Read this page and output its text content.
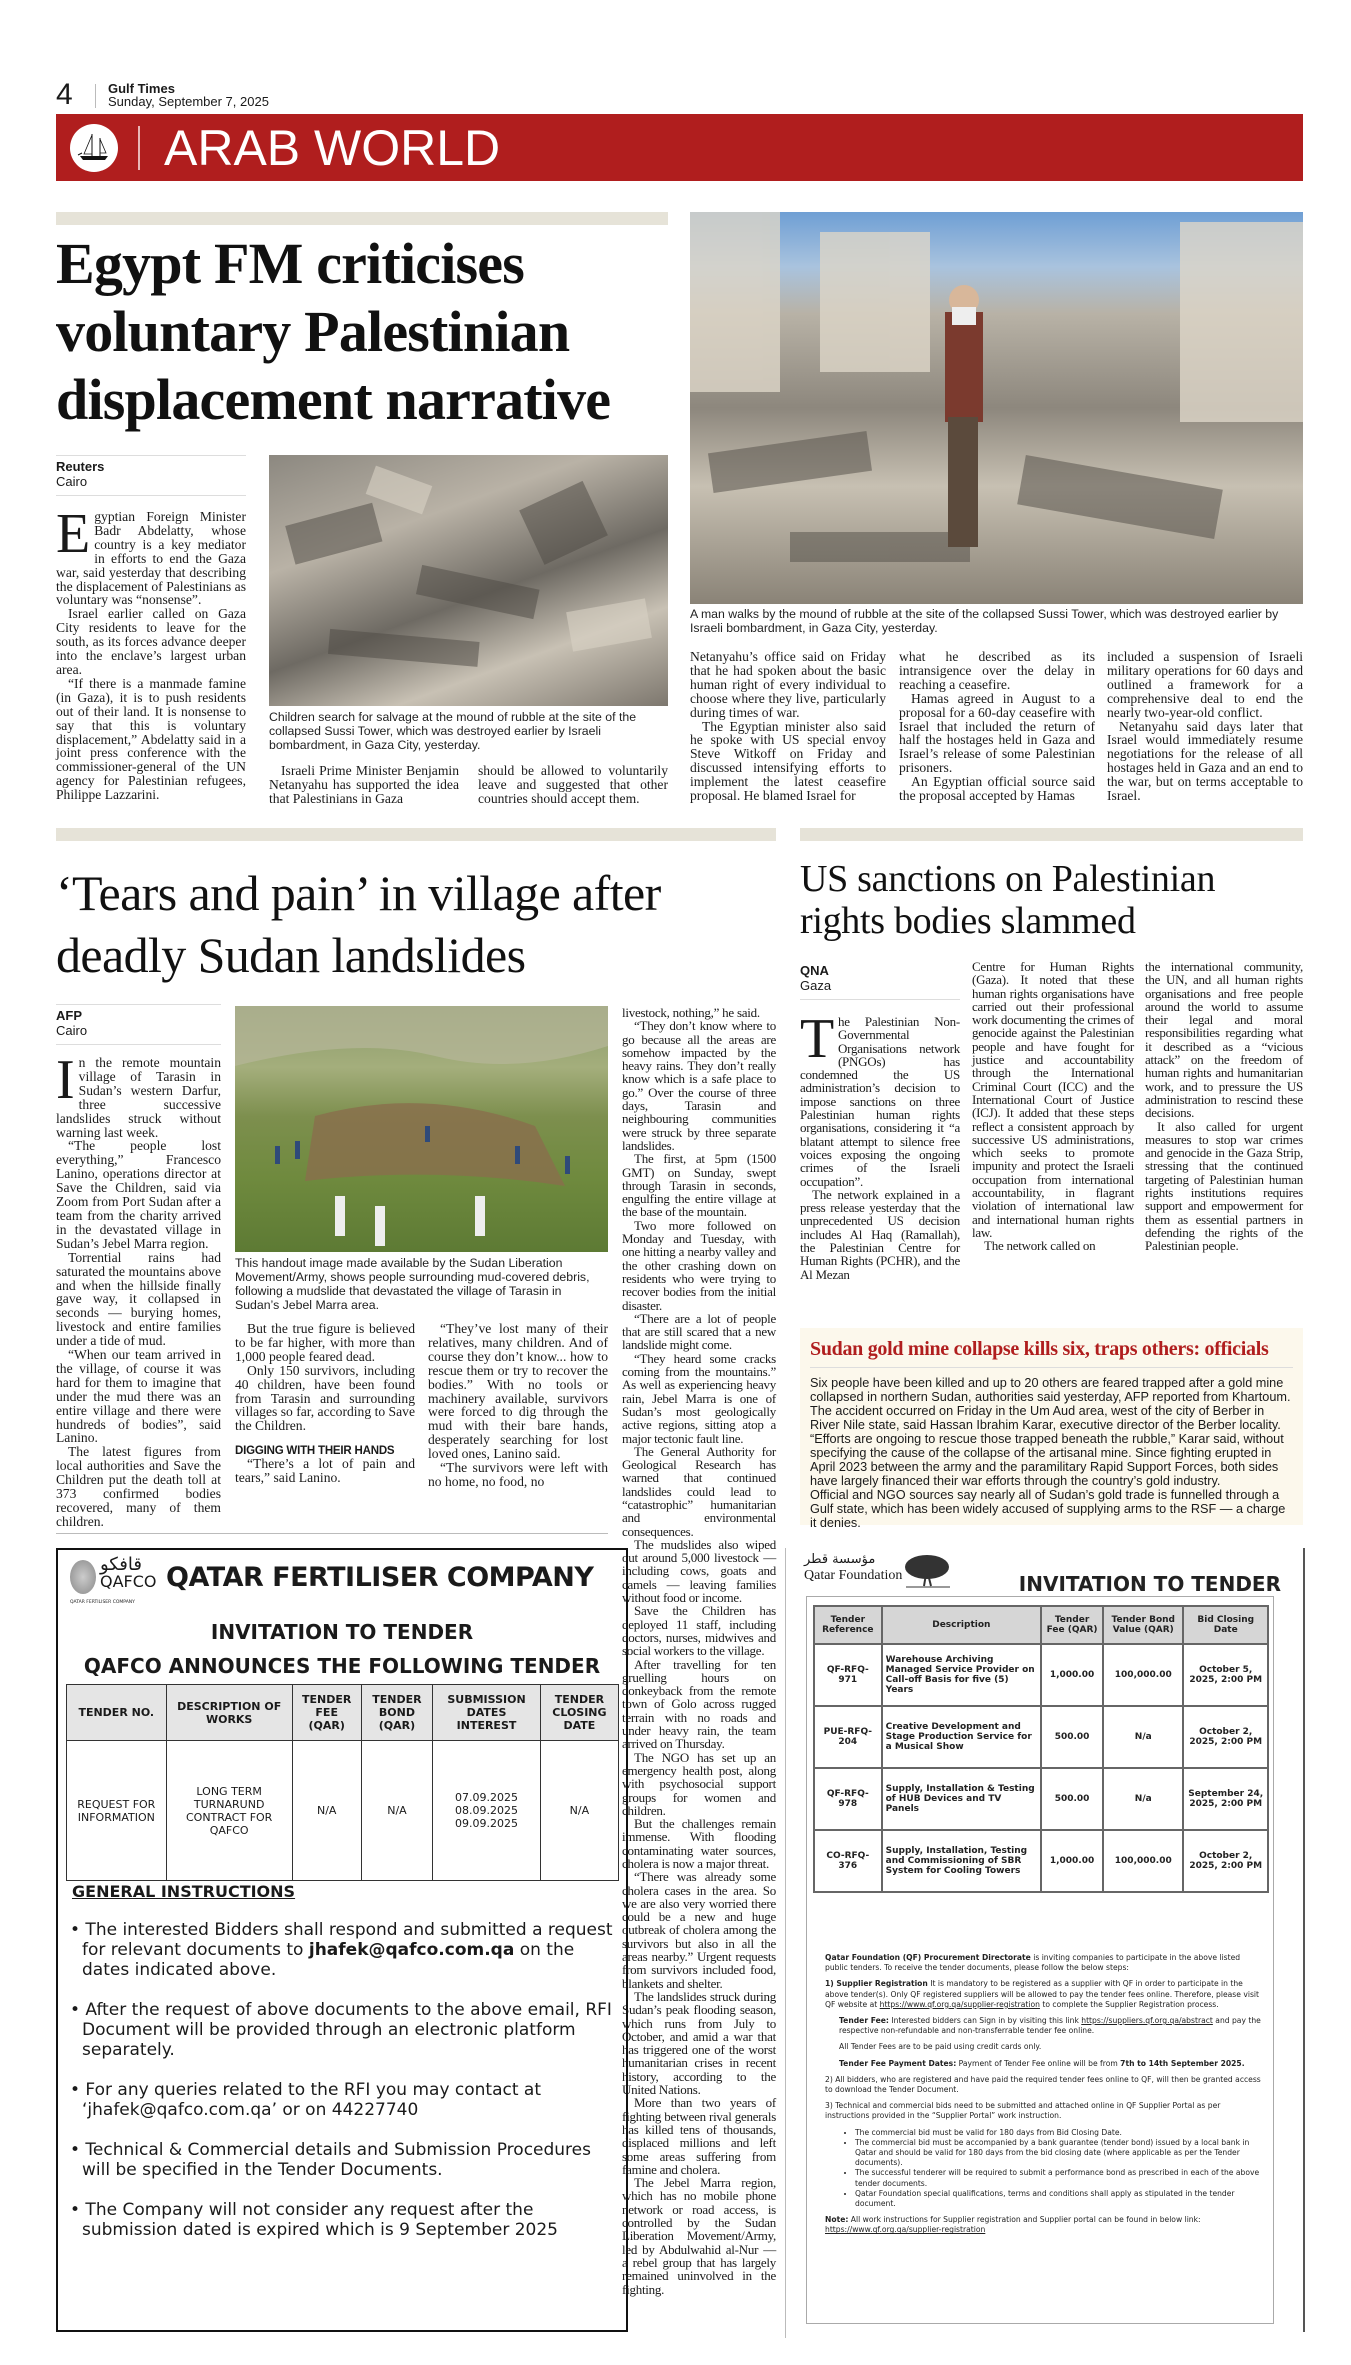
4	Gulf Times
Sunday, September 7, 2025
ARAB WORLD
Egypt FM criticises voluntary Palestinian displacement narrative
Reuters
Cairo

Egyptian Foreign Minister Badr Abdelatty, whose country is a key mediator in efforts to end the Gaza war, said yesterday that describing the displacement of Palestinians as voluntary was “nonsense”.

Israel earlier called on Gaza City residents to leave for the south, as its forces advance deeper into the enclave’s largest urban area.

“If there is a manmade famine (in Gaza), it is to push residents out of their land. It is nonsense to say that this is voluntary displacement,” Abdelatty said in a joint press conference with the commissioner-general of the UN agency for Palestinian refugees, Philippe Lazzarini.

Children search for salvage at the mound of rubble at the site of the collapsed Sussi Tower, which was destroyed earlier by Israeli bombardment, in Gaza City, yesterday.

Israeli Prime Minister Benjamin Netanyahu has supported the idea that Palestinians in Gaza

should be allowed to voluntarily leave and suggested that other countries should accept them.

A man walks by the mound of rubble at the site of the collapsed Sussi Tower, which was destroyed earlier by Israeli bombardment, in Gaza City, yesterday.

Netanyahu’s office said on Friday that he had spoken about the basic human right of every individual to choose where they live, particularly during times of war.

The Egyptian minister also said he spoke with US special envoy Steve Witkoff on Friday and discussed intensifying efforts to implement the latest ceasefire proposal. He blamed Israel for

what he described as its intransigence over the delay in reaching a ceasefire.

Hamas agreed in August to a proposal for a 60-day ceasefire with Israel that included the return of half the hostages held in Gaza and Israel’s release of some Palestinian prisoners.

An Egyptian official source said the proposal accepted by Hamas

included a suspension of Israeli military operations for 60 days and outlined a framework for a comprehensive deal to end the nearly two-year-old conflict.

Netanyahu said days later that Israel would immediately resume negotiations for the release of all hostages held in Gaza and an end to the war, but on terms acceptable to Israel.

‘Tears and pain’ in village after deadly Sudan landslides
AFP
Cairo

In the remote mountain village of Tarasin in Sudan’s western Darfur, three successive landslides struck without warning last week.

“The people lost everything,” Francesco Lanino, operations director at Save the Children, said via Zoom from Port Sudan after a team from the charity arrived in the devastated village in Sudan’s Jebel Marra region.

Torrential rains had saturated the mountains above and when the hillside finally gave way, it collapsed in seconds — burying homes, livestock and entire families under a tide of mud.

“When our team arrived in the village, of course it was hard for them to imagine that under the mud there was an entire village and there were hundreds of bodies”, said Lanino.

The latest figures from local authorities and Save the Children put the death toll at 373 confirmed bodies recovered, many of them children.

This handout image made available by the Sudan Liberation Movement/Army, shows people surrounding mud-covered debris, following a mudslide that devastated the village of Tarasin in Sudan’s Jebel Marra area.

But the true figure is believed to be far higher, with more than 1,000 people feared dead.

Only 150 survivors, including 40 children, have been found from Tarasin and surrounding villages so far, according to Save the Children.

DIGGING WITH THEIR HANDS

“There’s a lot of pain and tears,” said Lanino.

“They’ve lost many of their relatives, many children. And of course they don’t know... how to rescue them or try to recover the bodies.” With no tools or machinery available, survivors were forced to dig through the mud with their bare hands, desperately searching for lost loved ones, Lanino said.

“The survivors were left with no home, no food, no

livestock, nothing,” he said.

“They don’t know where to go because all the areas are somehow impacted by the heavy rains. They don’t really know which is a safe place to go.” Over the course of three days, Tarasin and neighbouring communities were struck by three separate landslides.

The first, at 5pm (1500 GMT) on Sunday, swept through Tarasin in seconds, engulfing the entire village at the base of the mountain.

Two more followed on Monday and Tuesday, with one hitting a nearby valley and the other crashing down on residents who were trying to recover bodies from the initial disaster.

“There are a lot of people that are still scared that a new landslide might come.

“They heard some cracks coming from the mountains.” As well as experiencing heavy rain, Jebel Marra is one of Sudan’s most geologically active regions, sitting atop a major tectonic fault line.

The General Authority for Geological Research has warned that continued landslides could lead to “catastrophic” humanitarian and environmental consequences.

The mudslides also wiped out around 5,000 livestock — including cows, goats and camels — leaving families without food or income.

Save the Children has deployed 11 staff, including doctors, nurses, midwives and social workers to the village.

After travelling for ten gruelling hours on donkeyback from the remote town of Golo across rugged terrain with no roads and under heavy rain, the team arrived on Thursday.

The NGO has set up an emergency health post, along with psychosocial support groups for women and children.

But the challenges remain immense. With flooding contaminating water sources, cholera is now a major threat.

“There was already some cholera cases in the area. So we are also very worried there could be a new and huge outbreak of cholera among the survivors but also in all the areas nearby.” Urgent requests from survivors included food, blankets and shelter.

The landslides struck during Sudan’s peak flooding season, which runs from July to October, and amid a war that has triggered one of the worst humanitarian crises in recent history, according to the United Nations.

More than two years of fighting between rival generals has killed tens of thousands, displaced millions and left some areas suffering from famine and cholera.

The Jebel Marra region, which has no mobile phone network or road access, is controlled by the Sudan Liberation Movement/Army, led by Abdulwahid al-Nur — a rebel group that has largely remained uninvolved in the fighting.

US sanctions on Palestinian rights bodies slammed
QNA
Gaza

The Palestinian Non-Governmental Organisations network (PNGOs) has condemned the US administration’s decision to impose sanctions on three Palestinian human rights organisations, considering it “a blatant attempt to silence free voices exposing the ongoing crimes of the Israeli occupation”.

The network explained in a press release yesterday that the unprecedented US decision includes Al Haq (Ramallah), the Palestinian Centre for Human Rights (PCHR), and the Al Mezan

Centre for Human Rights (Gaza). It noted that these human rights organisations have carried out their professional work documenting the crimes of genocide against the Palestinian people and have fought for justice and accountability through the International Criminal Court (ICC) and the International Court of Justice (ICJ). It added that these steps reflect a consistent approach by successive US administrations, which seeks to promote impunity and protect the Israeli occupation from international accountability, in flagrant violation of international law and international human rights law.

The network called on

the international community, the UN, and all human rights organisations and free people around the world to assume their legal and moral responsibilities regarding what it described as a “vicious attack” on the freedom of human rights and humanitarian work, and to pressure the US administration to rescind these decisions.

It also called for urgent measures to stop war crimes and genocide in the Gaza Strip, stressing that the continued targeting of Palestinian human rights institutions requires support and empowerment for them as essential partners in defending the rights of the Palestinian people.

Sudan gold mine collapse kills six, traps others: officials

Six people have been killed and up to 20 others are feared trapped after a gold mine collapsed in northern Sudan, authorities said yesterday, AFP reported from Khartoum. The accident occurred on Friday in the Um Aud area, west of the city of Berber in River Nile state, said Hassan Ibrahim Karar, executive director of the Berber locality. “Efforts are ongoing to rescue those trapped beneath the rubble,” Karar said, without specifying the cause of the collapse of the artisanal mine. Since fighting erupted in April 2023 between the army and the paramilitary Rapid Support Forces, both sides have largely financed their war efforts through the country’s gold industry.

Official and NGO sources say nearly all of Sudan’s gold trade is funnelled through a Gulf state, which has been widely accused of supplying arms to the RSF — a charge it denies.

قافكو
QAFCO
QATAR FERTILISER COMPANY
QATAR FERTILISER COMPANY
INVITATION TO TENDER
QAFCO ANNOUNCES THE FOLLOWING TENDER
TENDER NO.	DESCRIPTION OF WORKS	TENDER FEE (QAR)	TENDER BOND (QAR)	SUBMISSION DATES INTEREST	TENDER CLOSING DATE
REQUEST FOR INFORMATION	LONG TERM TURNARUND CONTRACT FOR QAFCO	N/A	N/A	07.09.2025 08.09.2025 09.09.2025	N/A
GENERAL INSTRUCTIONS
• The interested Bidders shall respond and submitted a request for relevant documents to jhafek@qafco.com.qa on the dates indicated above.
• After the request of above documents to the above email, RFI Document will be provided through an electronic platform separately.
• For any queries related to the RFI you may contact at ‘jhafek@qafco.com.qa’ or on 44227740
• Technical & Commercial details and Submission Procedures will be specified in the Tender Documents.
• The Company will not consider any request after the submission dated is expired which is 9 September 2025
مؤسسة قطر
Qatar Foundation	INVITATION TO TENDER
Tender Reference	Description	Tender Fee (QAR)	Tender Bond Value (QAR)	Bid Closing Date
QF-RFQ-971	Warehouse Archiving Managed Service Provider on Call-off Basis for five (5) Years	1,000.00	100,000.00	October 5, 2025, 2:00 PM
PUE-RFQ-204	Creative Development and Stage Production Service for a Musical Show	500.00	N/a	October 2, 2025, 2:00 PM
QF-RFQ-978	Supply, Installation & Testing of HUB Devices and TV Panels	500.00	N/a	September 24, 2025, 2:00 PM
CO-RFQ-376	Supply, Installation, Testing and Commissioning of SBR System for Cooling Towers	1,000.00	100,000.00	October 2, 2025, 2:00 PM

Qatar Foundation (QF) Procurement Directorate is inviting companies to participate in the above listed public tenders. To receive the tender documents, please follow the below steps:

1) Supplier Registration It is mandatory to be registered as a supplier with QF in order to participate in the above tender(s). Only QF registered suppliers will be allowed to pay the tender fees online. Therefore, please visit QF website at https://www.qf.org.qa/supplier-registration to complete the Supplier Registration process.

Tender Fee: Interested bidders can Sign in by visiting this link https://suppliers.qf.org.qa/abstract and pay the respective non-refundable and non-transferrable tender fee online.

All Tender Fees are to be paid using credit cards only.

Tender Fee Payment Dates: Payment of Tender Fee online will be from 7th to 14th September 2025.

2) All bidders, who are registered and have paid the required tender fees online to QF, will then be granted access to download the Tender Document.

3) Technical and commercial bids need to be submitted and attached online in QF Supplier Portal as per instructions provided in the “Supplier Portal” work instruction.

• The commercial bid must be valid for 180 days from Bid Closing Date.
• The commercial bid must be accompanied by a bank guarantee (tender bond) issued by a local bank in Qatar and should be valid for 180 days from the bid closing date (where applicable as per the Tender documents).
• The successful tenderer will be required to submit a performance bond as prescribed in each of the above tender documents.
• Qatar Foundation special qualifications, terms and conditions shall apply as stipulated in the tender document.

Note: All work instructions for Supplier registration and Supplier portal can be found in below link:
https://www.qf.org.qa/supplier-registration
